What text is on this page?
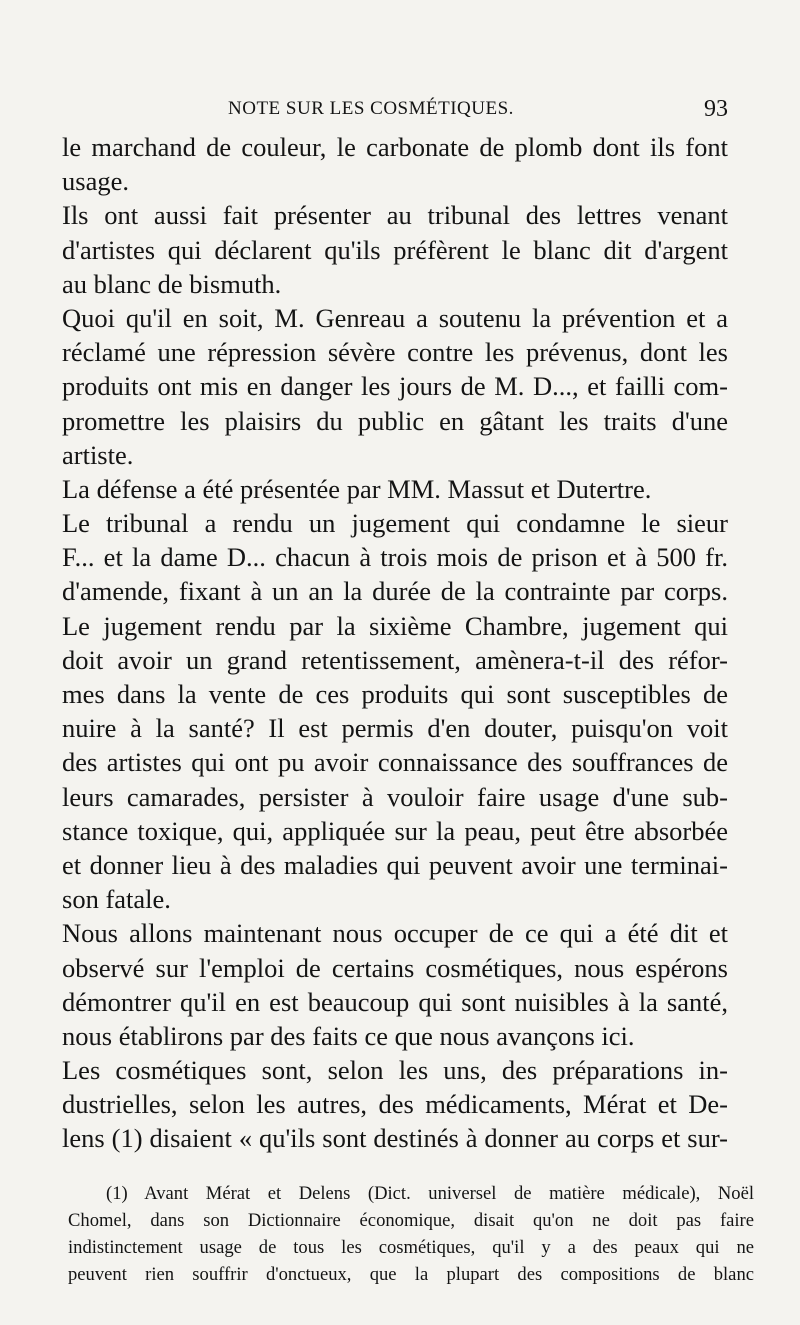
NOTE SUR LES COSMÉTIQUES.	93
le marchand de couleur, le carbonate de plomb dont ils font
usage.
Ils ont aussi fait présenter au tribunal des lettres venant
d'artistes qui déclarent qu'ils préfèrent le blanc dit d'argent
au blanc de bismuth.
Quoi qu'il en soit, M. Genreau a soutenu la prévention et a
réclamé une répression sévère contre les prévenus, dont les
produits ont mis en danger les jours de M. D..., et failli com-
promettre les plaisirs du public en gâtant les traits d'une
artiste.
La défense a été présentée par MM. Massut et Dutertre.
Le tribunal a rendu un jugement qui condamne le sieur
F... et la dame D... chacun à trois mois de prison et à 500 fr.
d'amende, fixant à un an la durée de la contrainte par corps.
Le jugement rendu par la sixième Chambre, jugement qui
doit avoir un grand retentissement, amènera-t-il des réfor-
mes dans la vente de ces produits qui sont susceptibles de
nuire à la santé? Il est permis d'en douter, puisqu'on voit
des artistes qui ont pu avoir connaissance des souffrances de
leurs camarades, persister à vouloir faire usage d'une sub-
stance toxique, qui, appliquée sur la peau, peut être absorbée
et donner lieu à des maladies qui peuvent avoir une terminai-
son fatale.
Nous allons maintenant nous occuper de ce qui a été dit et
observé sur l'emploi de certains cosmétiques, nous espérons
démontrer qu'il en est beaucoup qui sont nuisibles à la santé,
nous établirons par des faits ce que nous avançons ici.
Les cosmétiques sont, selon les uns, des préparations in-
dustrielles, selon les autres, des médicaments, Mérat et De-
lens (1) disaient « qu'ils sont destinés à donner au corps et sur-
(1) Avant Mérat et Delens (Dict. universel de matière médicale), Noël
Chomel, dans son Dictionnaire économique, disait qu'on ne doit pas faire
indistinctement usage de tous les cosmétiques, qu'il y a des peaux qui ne
peuvent rien souffrir d'onctueux, que la plupart des compositions de blanc
